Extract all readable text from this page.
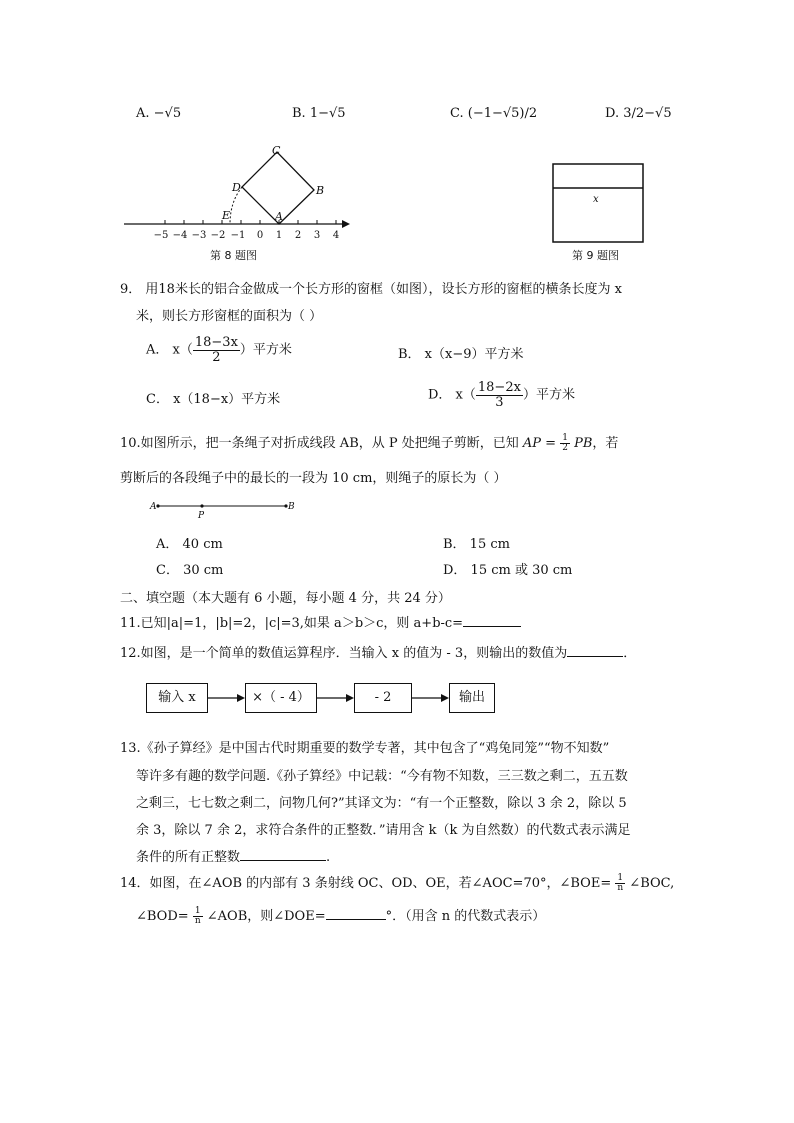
A. −√5	B. 1−√5	C. (−1−√5)/2	D. 3/2−√5
C
D	B
E	A
−5 −4 −3 −2 −1 0 1 2 3 4
第 8 题图
x
第 9 题图
9． 用18米长的铝合金做成一个长方形的窗框（如图），设长方形的窗框的横条长度为 x
米，则长方形窗框的面积为（ ）
A． $x( \frac{18-3x}{2}$ ）平方米	B． x（x−9）平方米
C． x（18−x）平方米	D． $x( \frac{18-2x}{3}$ ）平方米
10.如图所示，把一条绳子对折成线段 AB，从 P 处把绳子剪断，已知 AP = $\frac{1}{2}$ PB，若
剪断后的各段绳子中的最长的一段为 10 cm，则绳子的原长为（ ）
A
P
B
A． 40 cm	B． 15 cm
C． 30 cm	D． 15 cm 或 30 cm
二、填空题（本大题有 6 小题，每小题 4 分，共 24 分）
11.已知|a|=1，|b|=2，|c|=3,如果 a＞b＞c，则 a+b-c=
12.如图，是一个简单的数值运算程序．当输入 x 的值为 - 3，则输出的数值为	．
输入 x	×（ - 4）	- 2	输出
13.《孙子算经》是中国古代时期重要的数学专著，其中包含了“鸡兔同笼”“物不知数”
等许多有趣的数学问题.《孙子算经》中记载：“今有物不知数，三三数之剩二，五五数
之剩三，七七数之剩二，问物几何?”其译文为：“有一个正整数，除以 3 余 2，除以 5
余 3，除以 7 余 2，求符合条件的正整数．”请用含 k（k 为自然数）的代数式表示满足
条件的所有正整数	.
14．如图，在∠AOB 的内部有 3 条射线 OC、OD、OE，若∠AOC=70°，∠BOE= $\frac{1}{n}$ ∠BOC,
∠BOD= $\frac{1}{n}$ ∠AOB，则∠DOE=	°．（用含 n 的代数式表示）
